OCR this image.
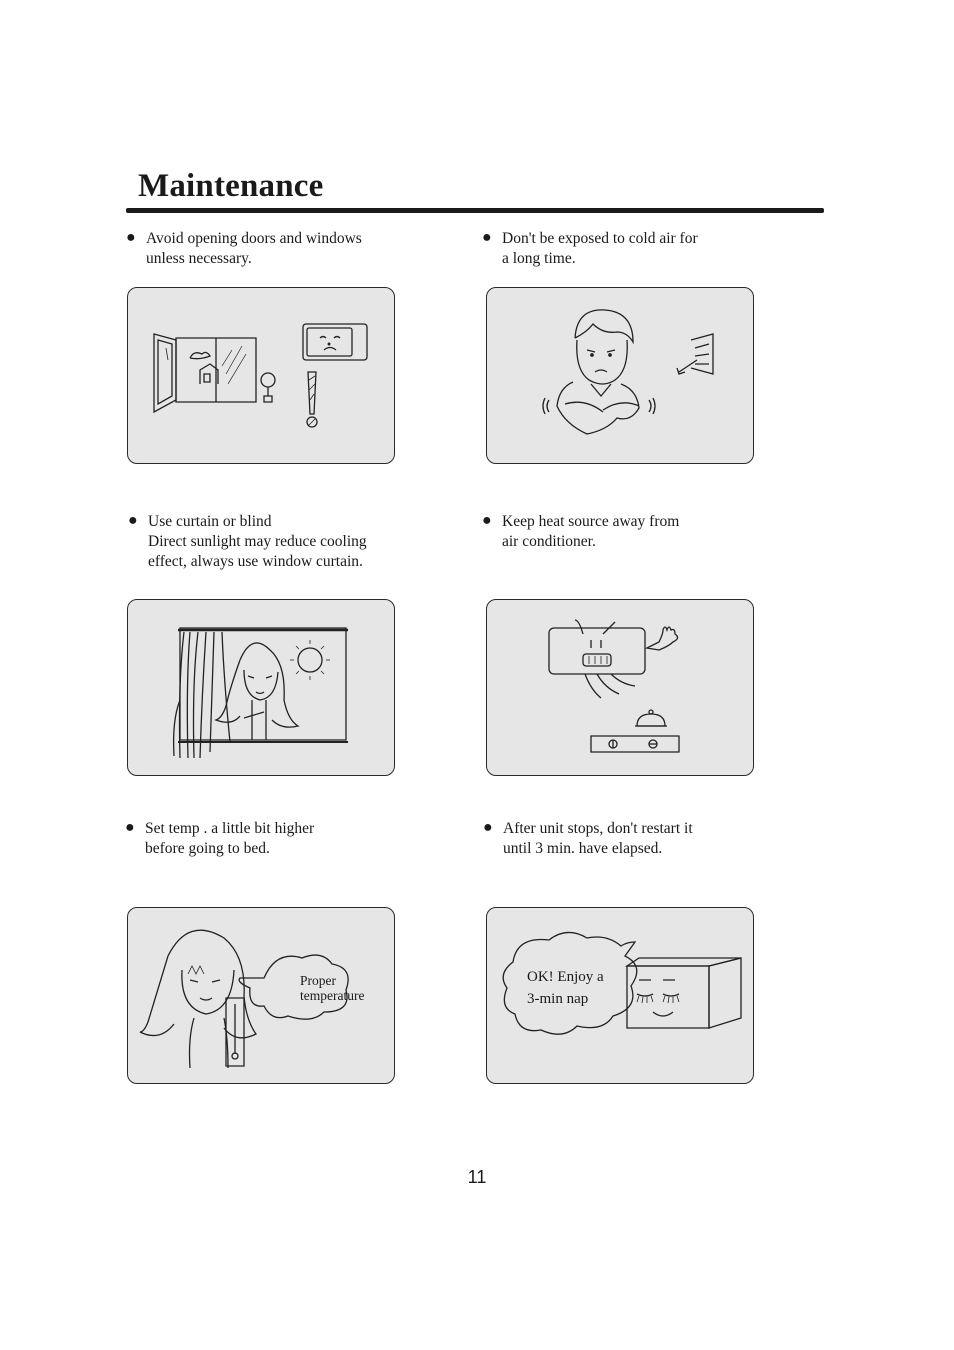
Maintenance
● Avoid opening doors and windows
unless necessary.
● Don't be exposed to cold air for
a long time.
● Use curtain or blind
Direct sunlight may reduce cooling
effect, always use window curtain.
● Keep heat source away from
air conditioner.
● Set temp . a little bit higher
before going to bed.
● After unit stops, don't restart it
until 3 min. have elapsed.
Proper
temperature
OK! Enjoy a
3-min nap
11
